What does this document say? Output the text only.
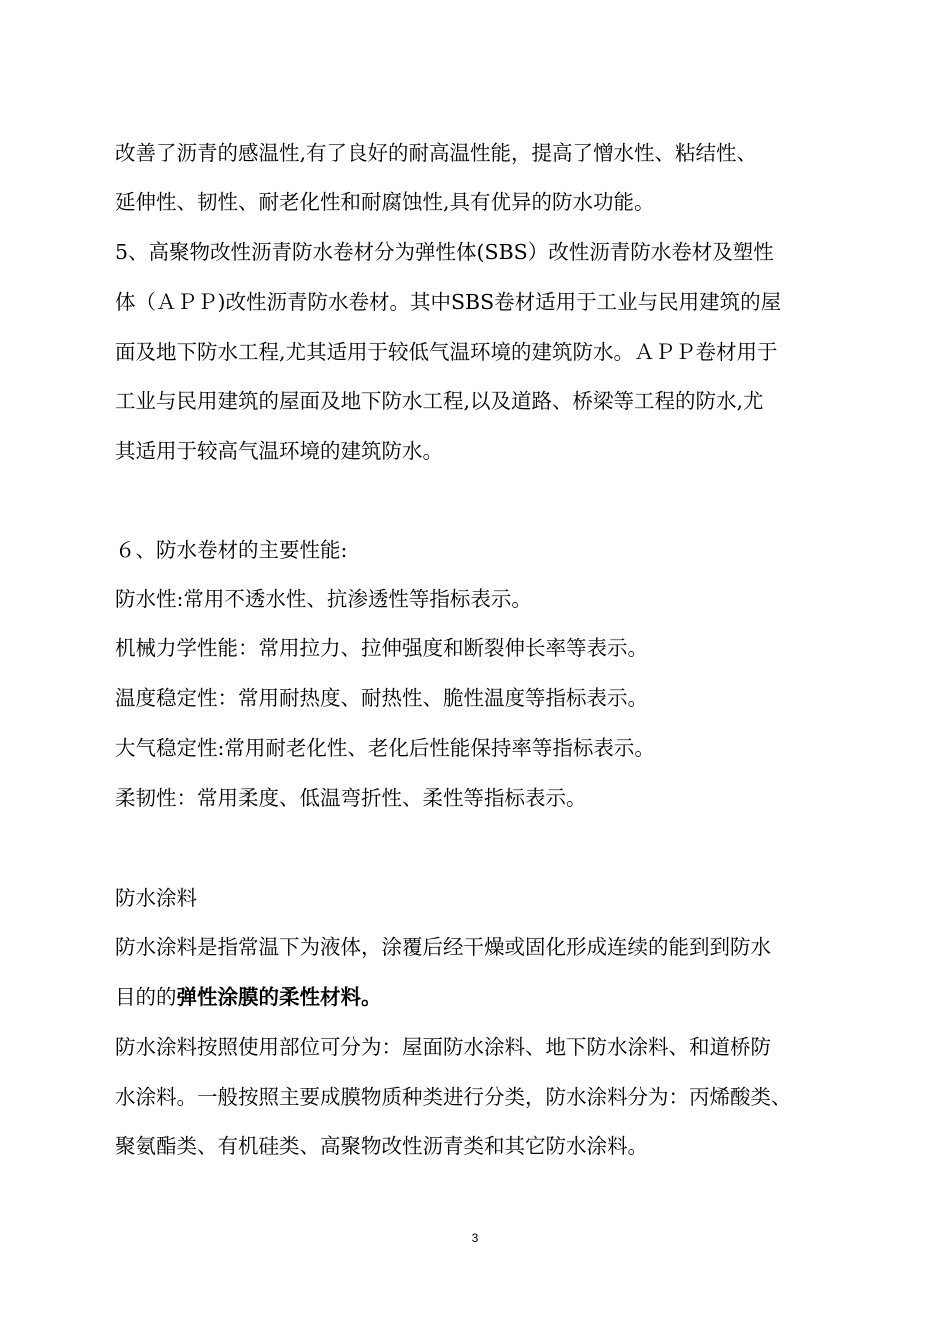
改善了沥青的感温性,有了良好的耐高温性能，提高了憎水性、粘结性、
延伸性、韧性、耐老化性和耐腐蚀性,具有优异的防水功能。
5、高聚物改性沥青防水卷材分为弹性体(SBS）改性沥青防水卷材及塑性
体（ＡＰＰ)改性沥青防水卷材。其中SBS卷材适用于工业与民用建筑的屋
面及地下防水工程,尤其适用于较低气温环境的建筑防水。ＡＰＰ卷材用于
工业与民用建筑的屋面及地下防水工程,以及道路、桥梁等工程的防水,尤
其适用于较高气温环境的建筑防水。
６、防水卷材的主要性能:
防水性:常用不透水性、抗渗透性等指标表示。
机械力学性能：常用拉力、拉伸强度和断裂伸长率等表示。
温度稳定性：常用耐热度、耐热性、脆性温度等指标表示。
大气稳定性:常用耐老化性、老化后性能保持率等指标表示。
柔韧性：常用柔度、低温弯折性、柔性等指标表示。
防水涂料
防水涂料是指常温下为液体，涂覆后经干燥或固化形成连续的能到到防水
目的的弹性涂膜的柔性材料。
防水涂料按照使用部位可分为：屋面防水涂料、地下防水涂料、和道桥防
水涂料。一般按照主要成膜物质种类进行分类，防水涂料分为：丙烯酸类、
聚氨酯类、有机硅类、高聚物改性沥青类和其它防水涂料。
3
